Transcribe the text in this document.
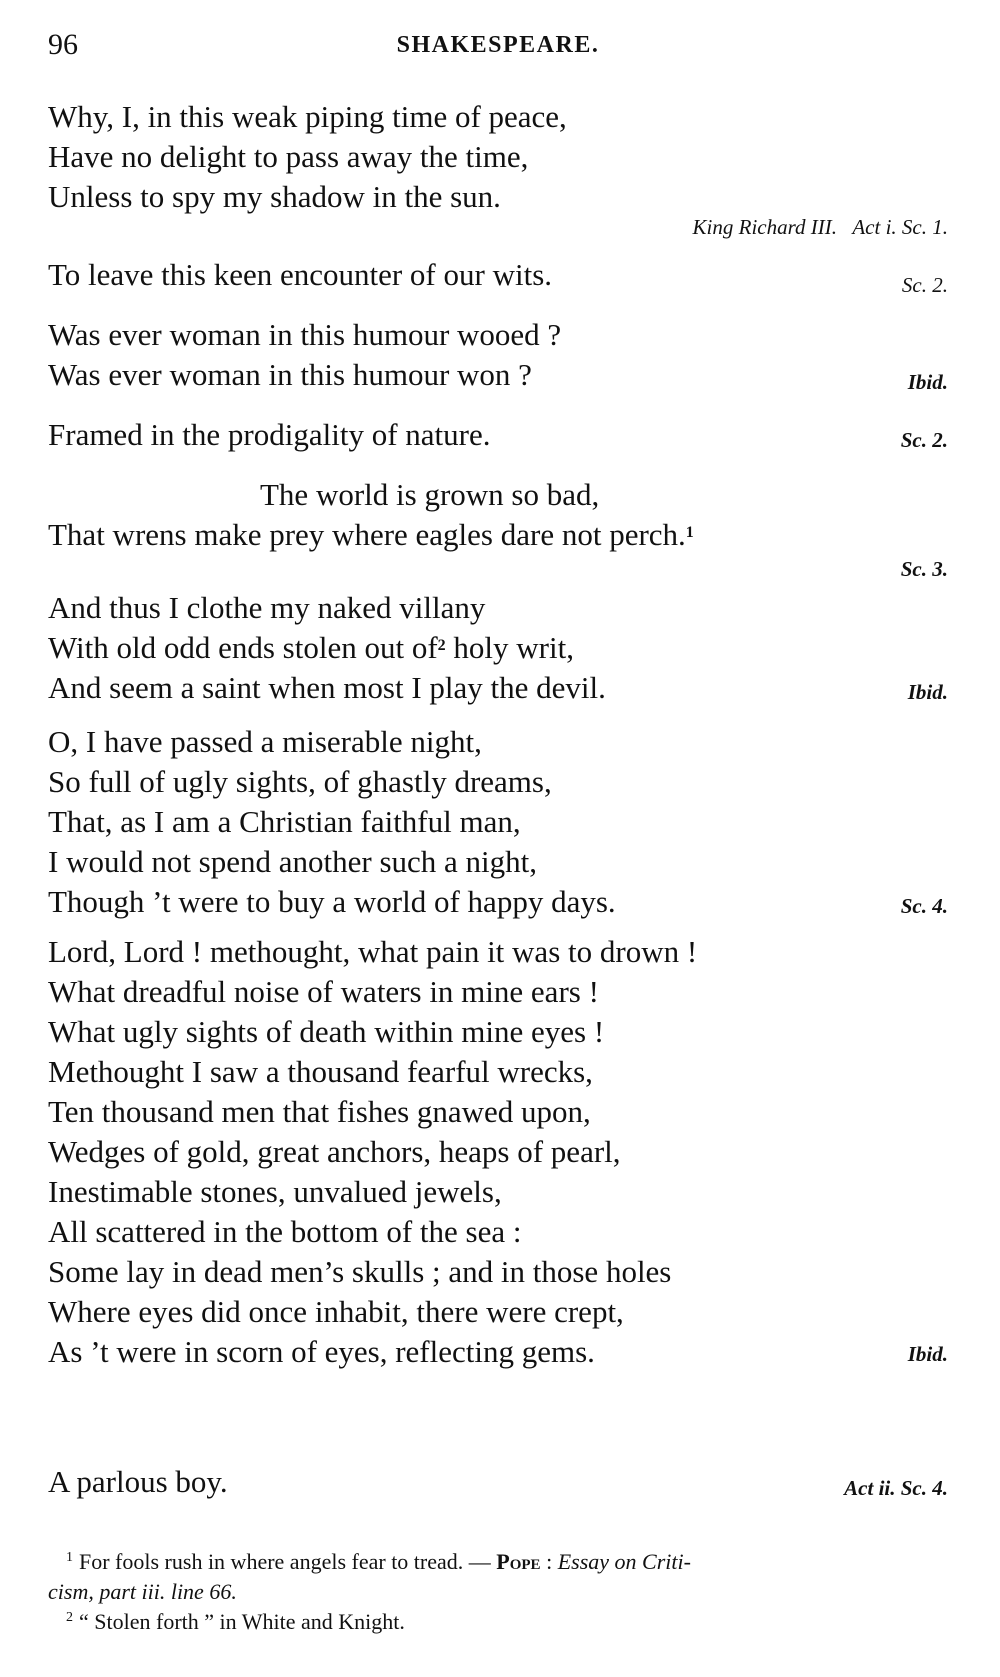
96	SHAKESPEARE.
Why, I, in this weak piping time of peace,
Have no delight to pass away the time,
Unless to spy my shadow in the sun.
King Richard III.   Act i. Sc. 1.
To leave this keen encounter of our wits.	Sc. 2.
Was ever woman in this humour wooed ?
Was ever woman in this humour won ?	Ibid.
Framed in the prodigality of nature.	Sc. 2.
The world is grown so bad,
That wrens make prey where eagles dare not perch.$^1$
Sc. 3.
And thus I clothe my naked villany
With old odd ends stolen out $of^2$ holy writ,
And seem a saint when most I play the devil.	Ibid.
O, I have passed a miserable night,
So full of ugly sights, of ghastly dreams,
That, as I am a Christian faithful man,
I would not spend another such a night,
Though ’t were to buy a world of happy days.	Sc. 4.
Lord, Lord ! methought, what pain it was to drown !
What dreadful noise of waters in mine ears !
What ugly sights of death within mine eyes !
Methought I saw a thousand fearful wrecks,
Ten thousand men that fishes gnawed upon,
Wedges of gold, great anchors, heaps of pearl,
Inestimable stones, unvalued jewels,
All scattered in the bottom of the sea :
Some lay in dead men’s skulls ; and in those holes
Where eyes did once inhabit, there were crept,
As ’t were in scorn of eyes, reflecting gems.	Ibid.
A parlous boy.	Act ii. Sc. 4.
$^1$ For fools rush in where angels fear to tread. — Pope : Essay on Criti-
cism, part iii. line 66.
$^2$ “ Stolen forth ” in White and Knight.
